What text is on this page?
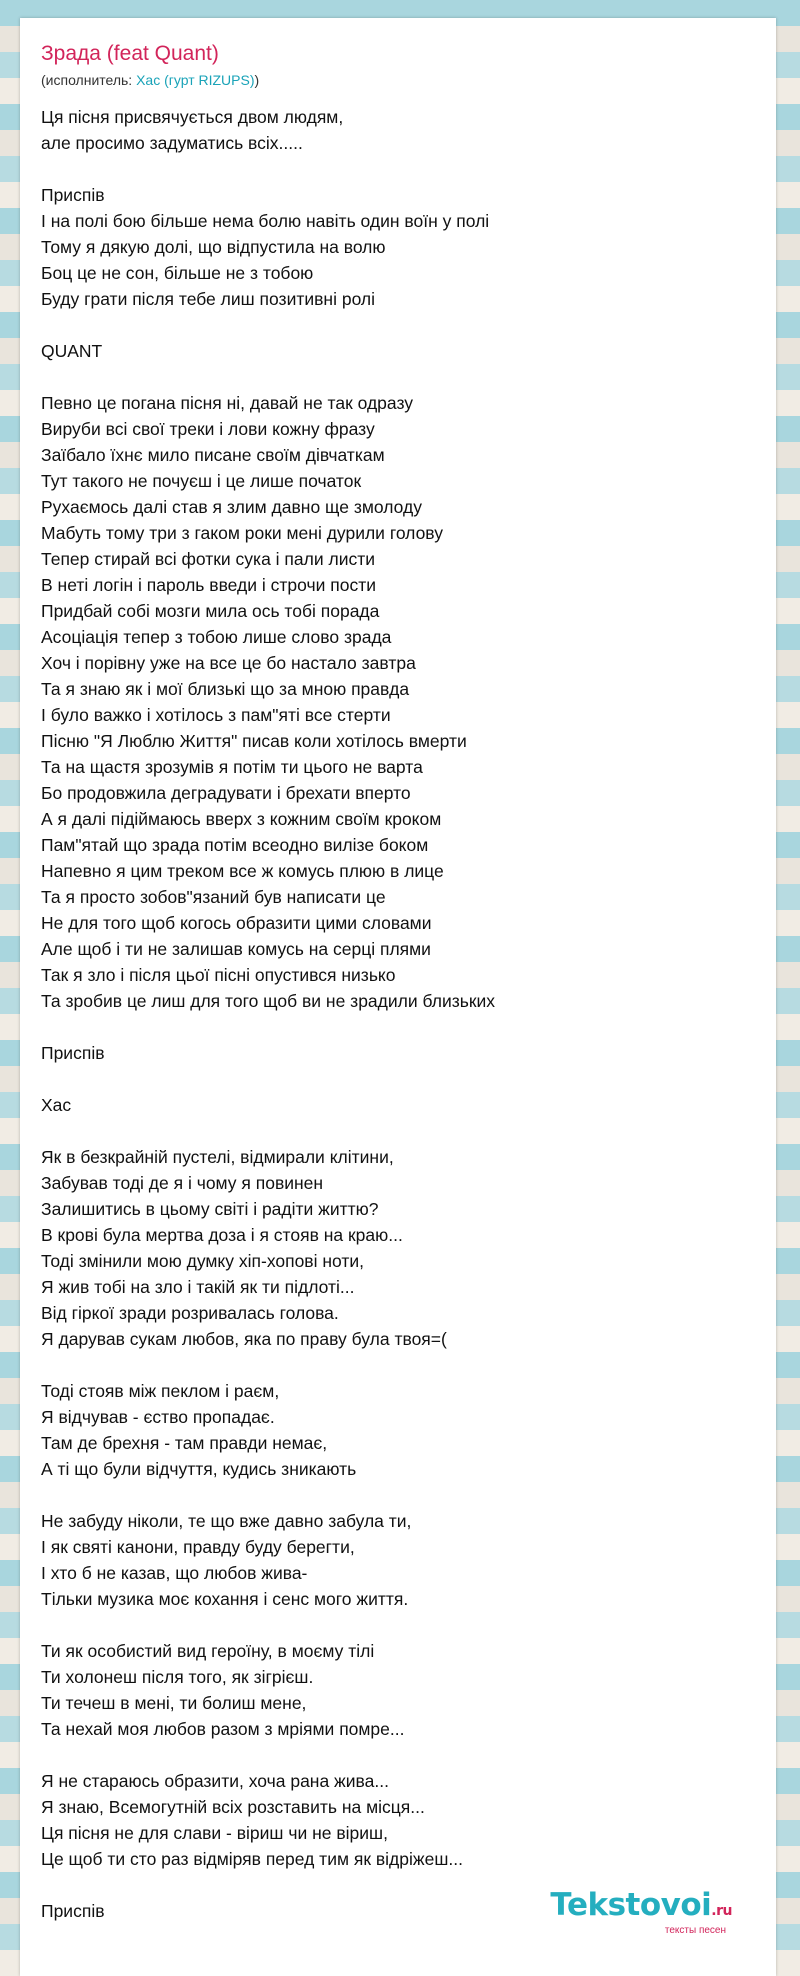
Зрада (feat Quant)
(исполнитель: Хас (гурт RIZUPS))
Ця пісня присвячується двом людям,
але просимо задуматись всіх.....
Приспів
І на полі бою більше нема болю навіть один воїн у полі
Тому я дякую долі, що відпустила на волю
Боц це не сон, більше не з тобою
Буду грати після тебе лиш позитивні ролі
QUANT
Певно це погана пісня ні, давай не так одразу
Вируби всі свої треки і лови кожну фразу
Заїбало їхнє мило писане своїм дівчаткам
Тут такого не почуєш і це лише початок
Рухаємось далі став я злим давно ще змолоду
Мабуть тому три з гаком роки мені дурили голову
Тепер стирай всі фотки сука і пали листи
В неті логін і пароль введи і строчи пости
Придбай собі мозги мила ось тобі порада
Асоціація тепер з тобою лише слово зрада
Хоч і порівну уже на все це бо настало завтра
Та я знаю як і мої близькі що за мною правда
І було важко і хотілось з пам"яті все стерти
Пісню "Я Люблю Життя" писав коли хотілось вмерти
Та на щастя зрозумів я потім ти цього не варта
Бо продовжила деградувати і брехати вперто
А я далі підіймаюсь вверх з кожним своїм кроком
Пам"ятай що зрада потім всеодно вилізе боком
Напевно я цим треком все ж комусь плюю в лице
Та я просто зобов"язаний був написати це
Не для того щоб когось образити цими словами
Але щоб і ти не залишав комусь на серці плями
Так я зло і після цьої пісні опустився низько
Та зробив це лиш для того щоб ви не зрадили близьких
Приспів
Хас
Як в безкрайній пустелі, відмирали клітини,
Забував тоді де я і чому я повинен
Залишитись в цьому світі і радіти життю?
В крові була мертва доза і я стояв на краю...
Тоді змінили мою думку хіп-хопові ноти,
Я жив тобі на зло і такій як ти підлоті...
Від гіркої зради розривалась голова.
Я дарував сукам любов, яка по праву була твоя=(
Тоді стояв між пеклом і раєм,
Я відчував - єство пропадає.
Там де брехня - там правди немає,
А ті що були відчуття, кудись зникають
Не забуду ніколи, те що вже давно забула ти,
І як святі канони, правду буду берегти,
І хто б не казав, що любов жива-
Тільки музика моє кохання і сенс мого життя.
Ти як особистий вид героїну, в моєму тілі
Ти холонеш після того, як зігрієш.
Ти течеш в мені, ти болиш мене,
Та нехай моя любов разом з мріями помре...
Я не стараюсь образити, хоча рана жива...
Я знаю, Всемогутній всіх розставить на місця...
Ця пісня не для слави - віриш чи не віриш,
Це щоб ти сто раз відміряв перед тим як відріжеш...
Приспів	Tekstovoi.ru
тексты песен
